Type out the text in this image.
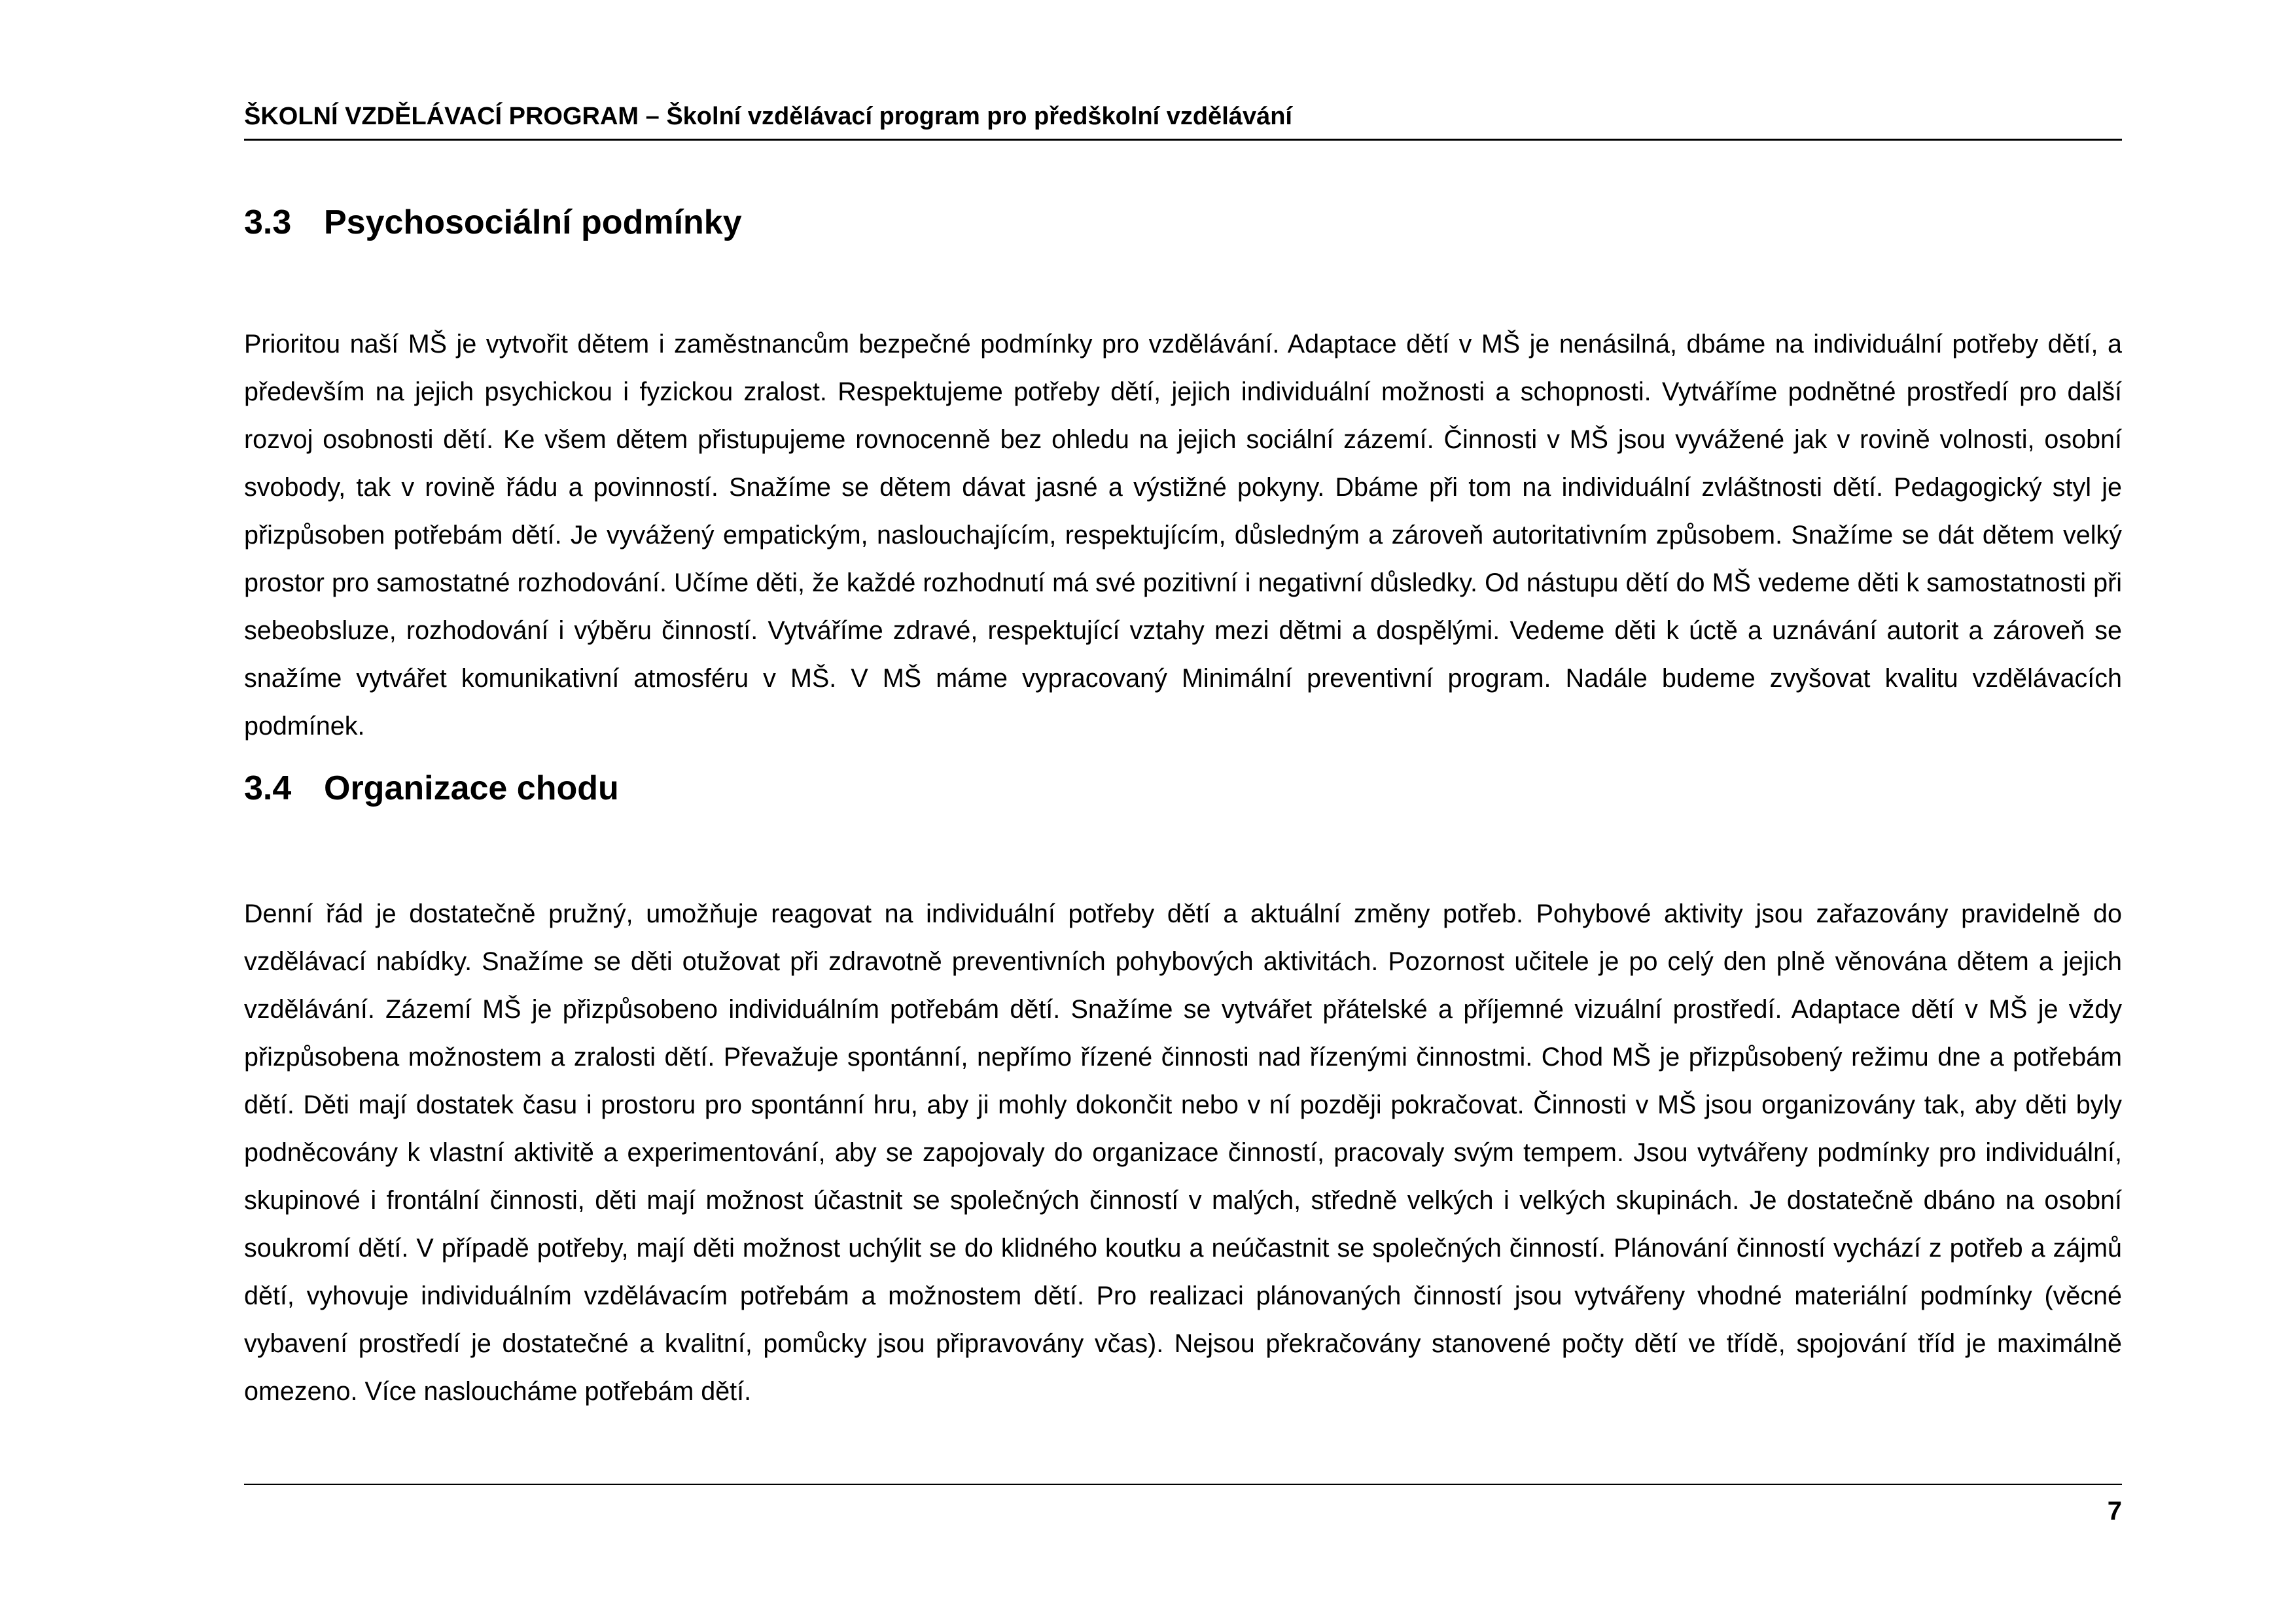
ŠKOLNÍ VZDĚLÁVACÍ PROGRAM – Školní vzdělávací program pro předškolní vzdělávání
3.3 Psychosociální podmínky

Prioritou naší MŠ je vytvořit dětem i zaměstnancům bezpečné podmínky pro vzdělávání. Adaptace dětí v MŠ je nenásilná, dbáme na individuální potřeby dětí, a především na jejich psychickou i fyzickou zralost. Respektujeme potřeby dětí, jejich individuální možnosti a schopnosti. Vytváříme podnětné prostředí pro další rozvoj osobnosti dětí. Ke všem dětem přistupujeme rovnocenně bez ohledu na jejich sociální zázemí. Činnosti v MŠ jsou vyvážené jak v rovině volnosti, osobní svobody, tak v rovině řádu a povinností. Snažíme se dětem dávat jasné a výstižné pokyny. Dbáme při tom na individuální zvláštnosti dětí. Pedagogický styl je přizpůsoben potřebám dětí. Je vyvážený empatickým, naslouchajícím, respektujícím, důsledným a zároveň autoritativním způsobem. Snažíme se dát dětem velký prostor pro samostatné rozhodování. Učíme děti, že každé rozhodnutí má své pozitivní i negativní důsledky. Od nástupu dětí do MŠ vedeme děti k samostatnosti při sebeobsluze, rozhodování i výběru činností. Vytváříme zdravé, respektující vztahy mezi dětmi a dospělými. Vedeme děti k úctě a uznávání autorit a zároveň se snažíme vytvářet komunikativní atmosféru v MŠ. V MŠ máme vypracovaný Minimální preventivní program. Nadále budeme zvyšovat kvalitu vzdělávacích podmínek.

3.4 Organizace chodu

Denní řád je dostatečně pružný, umožňuje reagovat na individuální potřeby dětí a aktuální změny potřeb. Pohybové aktivity jsou zařazovány pravidelně do vzdělávací nabídky. Snažíme se děti otužovat při zdravotně preventivních pohybových aktivitách. Pozornost učitele je po celý den plně věnována dětem a jejich vzdělávání. Zázemí MŠ je přizpůsobeno individuálním potřebám dětí. Snažíme se vytvářet přátelské a příjemné vizuální prostředí. Adaptace dětí v MŠ je vždy přizpůsobena možnostem a zralosti dětí. Převažuje spontánní, nepřímo řízené činnosti nad řízenými činnostmi. Chod MŠ je přizpůsobený režimu dne a potřebám dětí. Děti mají dostatek času i prostoru pro spontánní hru, aby ji mohly dokončit nebo v ní později pokračovat. Činnosti v MŠ jsou organizovány tak, aby děti byly podněcovány k vlastní aktivitě a experimentování, aby se zapojovaly do organizace činností, pracovaly svým tempem. Jsou vytvářeny podmínky pro individuální, skupinové i frontální činnosti, děti mají možnost účastnit se společných činností v malých, středně velkých i velkých skupinách. Je dostatečně dbáno na osobní soukromí dětí. V případě potřeby, mají děti možnost uchýlit se do klidného koutku a neúčastnit se společných činností. Plánování činností vychází z potřeb a zájmů dětí, vyhovuje individuálním vzdělávacím potřebám a možnostem dětí. Pro realizaci plánovaných činností jsou vytvářeny vhodné materiální podmínky (věcné vybavení prostředí je dostatečné a kvalitní, pomůcky jsou připravovány včas). Nejsou překračovány stanovené počty dětí ve třídě, spojování tříd je maximálně omezeno. Více nasloucháme potřebám dětí.

7
